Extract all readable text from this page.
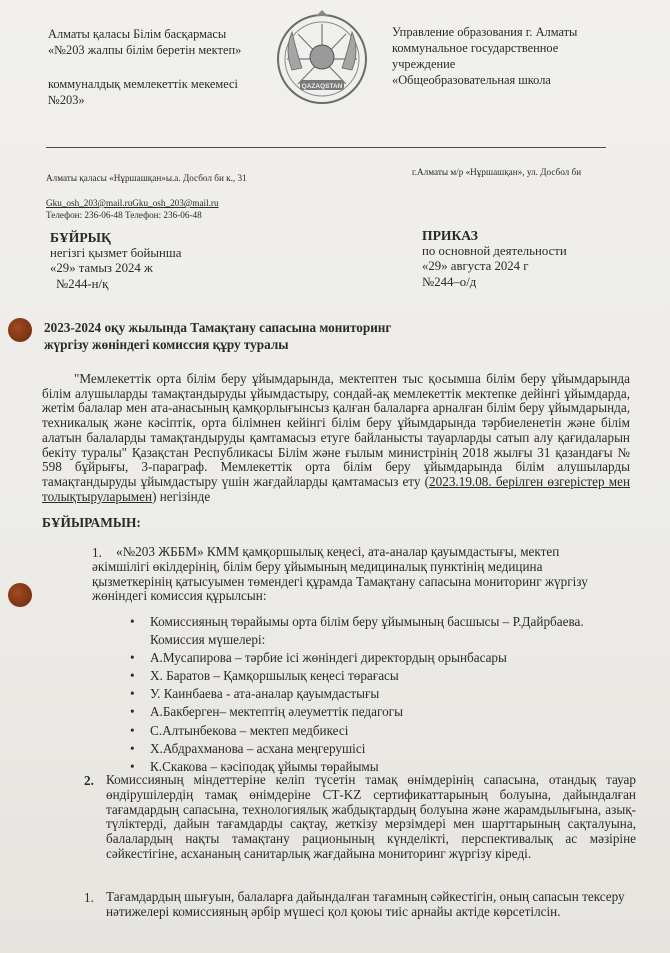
Алматы қаласы Білім басқармасы
«№203 жалпы білім беретін мектеп»
коммуналдық мемлекеттік мекемесі
№203»
QAZAQSTAN
Управление образования г. Алматы
коммунальное государственное
учреждение
«Общеобразовательная школа
Алматы қаласы «Нұршашқан»ы.а. Досбол би к., 31
г.Алматы м/р «Нұршашқан», ул. Досбол би
Gku_osh_203@mail.ruGku_osh_203@mail.ru
Телефон: 236-06-48 Телефон: 236-06-48
БҰЙРЫҚ
негізгі қызмет бойынша
«29» тамыз 2024 ж
№244-н/қ
ПРИКАЗ
по основной деятельности
«29» августа 2024 г
№244–о/д
2023-2024 оқу жылында Тамақтану сапасына мониторинг
жүргізу жөніндегі комиссия құру туралы
"Мемлекеттік орта білім беру ұйымдарында, мектептен тыс қосымша білім беру ұйымдарында білім алушыларды тамақтандыруды ұйымдастыру, сондай-ақ мемлекеттік мектепке дейінгі ұйымдарда, жетім балалар мен ата-анасының қамқорлығынсыз қалған балаларға арналған білім беру ұйымдарында, техникалық және кәсіптік, орта білімнен кейінгі білім беру ұйымдарында тәрбиеленетін және білім алатын балаларды тамақтандыруды қамтамасыз етуге байланысты тауарларды сатып алу қағидаларын бекіту туралы" Қазақстан Республикасы Білім және ғылым министрінің 2018 жылғы 31 қазандағы № 598 бұйрығы, 3-параграф. Мемлекеттік орта білім беру ұйымдарында білім алушыларды тамақтандыруды ұйымдастыру үшін жағдайларды қамтамасыз ету (2023.19.08. берілген өзгерістер мен толықтыруларымен) негізінде
БҰЙЫРАМЫН:
1.	«№203 ЖББМ» КММ қамқоршылық кеңесі, ата-аналар қауымдастығы, мектеп әкімшілігі өкілдерінің, білім беру ұйымының медициналық пунктінің медицина қызметкерінің қатысуымен төмендегі құрамда Тамақтану сапасына мониторинг жүргізу жөніндегі комиссия құрылсын:
• Комиссияның төрайымы орта білім беру ұйымының басшысы – Р.Дайрбаева.
Комиссия мүшелері:
• А.Мусапирова – тәрбие ісі жөніндегі директордың орынбасары
• Х. Баратов – Қамқоршылық кеңесі төрағасы
• У. Каинбаева - ата-аналар қауымдастығы
• А.Бакберген– мектептің әлеуметтік педагогы
• С.Алтынбекова – мектеп медбикесі
• Х.Абдрахманова – асхана меңгерушісі
• К.Скакова – кәсіподақ ұйымы төрайымы
2. Комиссияның міндеттеріне келіп түсетін тамақ өнімдерінің сапасына, отандық тауар өндірушілердің тамақ өнімдеріне СТ-KZ сертификаттарының болуына, дайындалған тағамдардың сапасына, технологиялық жабдықтардың болуына және жарамдылығына, азық-түліктерді, дайын тағамдарды сақтау, жеткізу мерзімдері мен шарттарының сақталуына, балалардың нақты тамақтану рационының күнделікті, перспективалық ас мәзіріне сәйкестігіне, асхананың санитарлық жағдайына мониторинг жүргізу кіреді.
1. Тағамдардың шығуын, балаларға дайындалған тағамның сәйкестігін, оның сапасын тексеру нәтижелері комиссияның әрбір мүшесі қол қоюы тиіс арнайы актіде көрсетілсін.
